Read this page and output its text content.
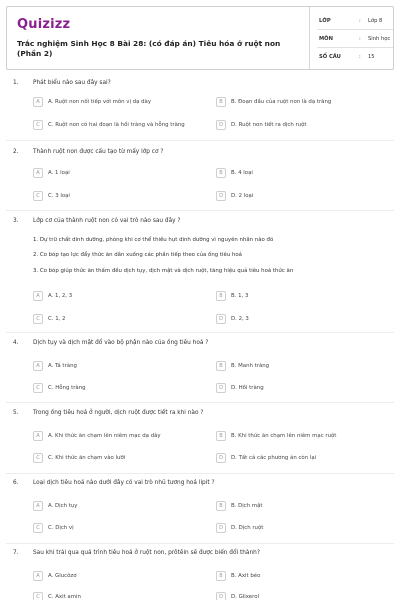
Quizizz
Trắc nghiệm Sinh Học 8 Bài 28: (có đáp án) Tiêu hóa ở ruột non (Phần 2)
LỚP	: Lớp 8
MÔN	: Sinh học
SỐ CÂU	: 15
1. Phát biểu nào sau đây sai?
A	A. Ruột non nối tiếp với môn vị dạ dày	B	B. Đoạn đầu của ruột non là dạ tràng
C	C. Ruột non có hai đoạn là hồi tràng và hỗng tràng	D	D. Ruột non tiết ra dịch ruột
2. Thành ruột non được cấu tạo từ mấy lớp cơ ?
A	A. 1 loại	B	B. 4 loại
C	C. 3 loại	D	D. 2 loại
3. Lớp cơ của thành ruột non có vai trò nào sau đây ?
1. Dự trữ chất dinh dưỡng, phòng khi cơ thể thiếu hụt dinh dưỡng vì nguyên nhân nào đó
2. Co bóp tạo lực đẩy thức ăn dần xuống các phần tiếp theo của ống tiêu hoá
3. Co bóp giúp thức ăn thấm đều dịch tụy, dịch mật và dịch ruột, tăng hiệu quả tiêu hoá thức ăn
A	A. 1, 2, 3	B	B. 1, 3
C	C. 1, 2	D	D. 2, 3
4. Dịch tụy và dịch mật đổ vào bộ phận nào của ống tiêu hoá ?
A	A. Tá tràng	B	B. Manh tràng
C	C. Hỗng tràng	D	D. Hồi tràng
5. Trong ống tiêu hoá ở người, dịch ruột được tiết ra khi nào ?
A	A. Khi thức ăn chạm lên niêm mạc dạ dày	B	B. Khi thức ăn chạm lên niêm mạc ruột
C	C. Khi thức ăn chạm vào lưỡi	D	D. Tất cả các phương án còn lại
6. Loại dịch tiêu hoá nào dưới đây có vai trò nhũ tương hoá lipit ?
A	A. Dịch tụy	B	B. Dịch mật
C	C. Dịch vị	D	D. Dịch ruột
7. Sau khi trải qua quá trình tiêu hoá ở ruột non, prôtêin sẽ được biến đổi thành?
A	A. Glucôzơ	B	B. Axit béo
C	C. Axit amin	D	D. Glixerol
